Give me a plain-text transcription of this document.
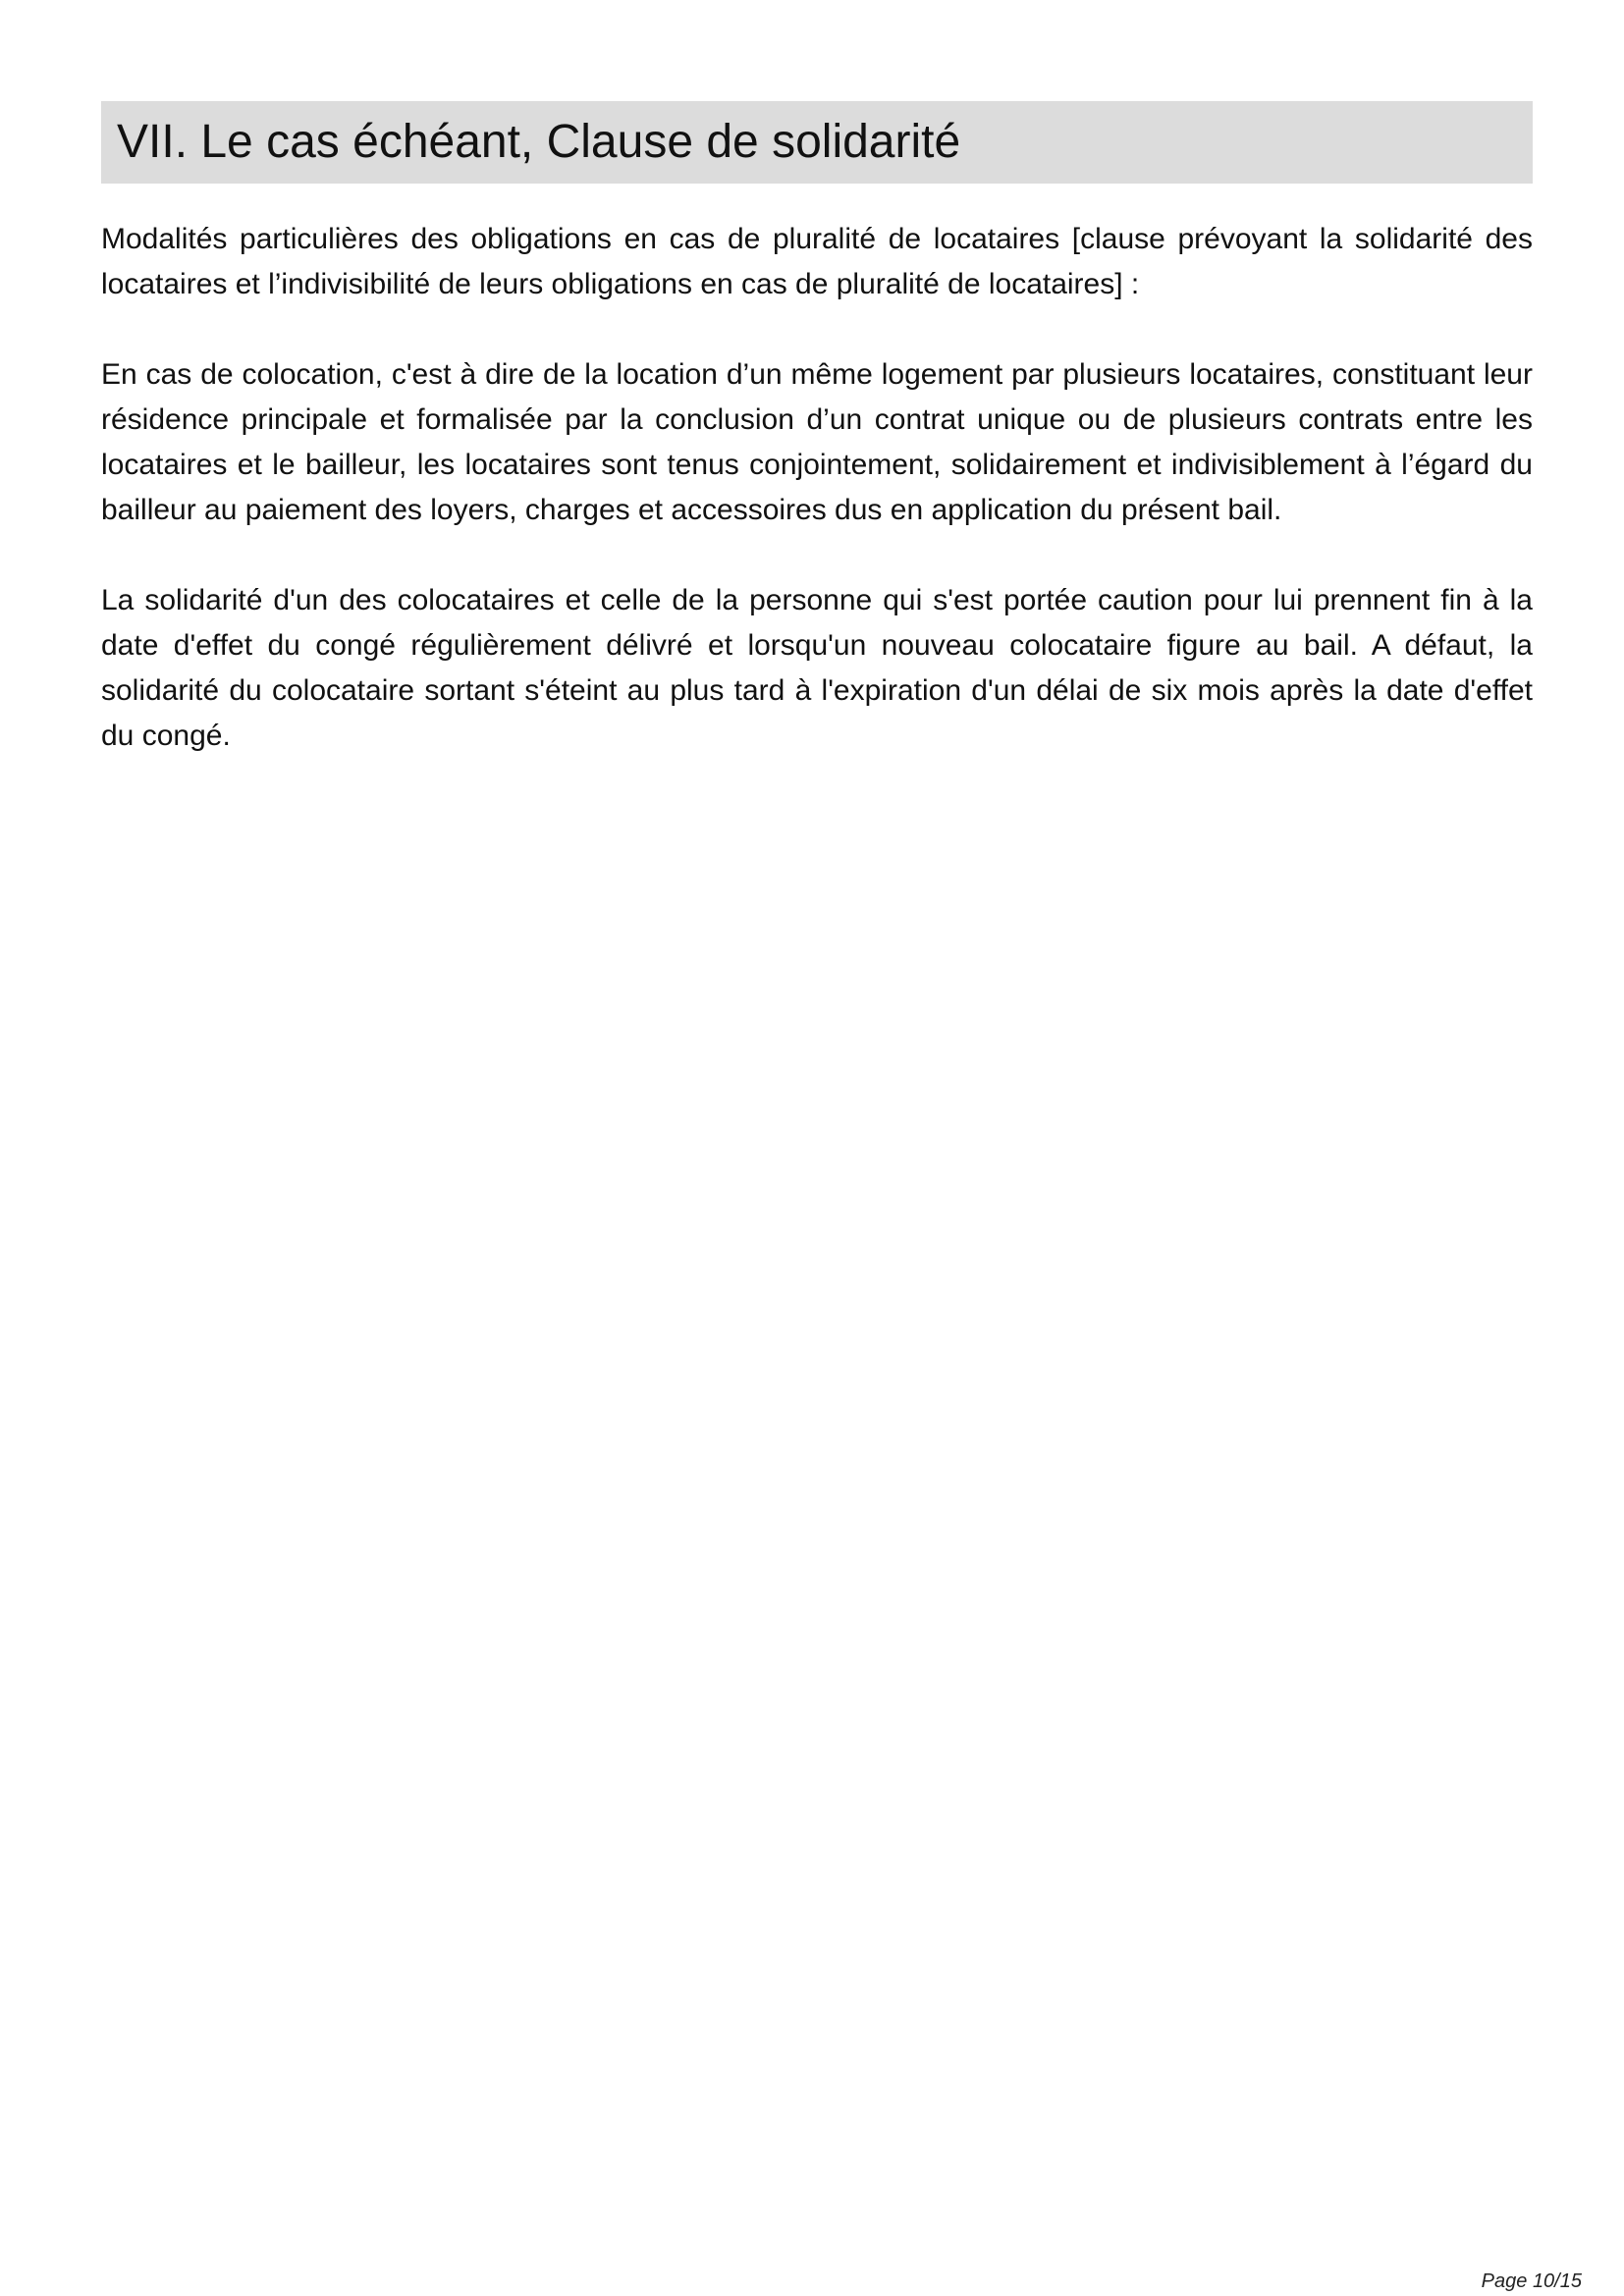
VII. Le cas échéant, Clause de solidarité

Modalités particulières des obligations en cas de pluralité de locataires [clause prévoyant la solidarité des locataires et l’indivisibilité de leurs obligations en cas de pluralité de locataires] :

En cas de colocation, c'est à dire de la location d’un même logement par plusieurs locataires, constituant leur résidence principale et formalisée par la conclusion d’un contrat unique ou de plusieurs contrats entre les locataires et le bailleur, les locataires sont tenus conjointement, solidairement et indivisiblement à l’égard du bailleur au paiement des loyers, charges et accessoires dus en application du présent bail.

La solidarité d'un des colocataires et celle de la personne qui s'est portée caution pour lui prennent fin à la date d'effet du congé régulièrement délivré et lorsqu'un nouveau colocataire figure au bail. A défaut, la solidarité du colocataire sortant s'éteint au plus tard à l'expiration d'un délai de six mois après la date d'effet du congé.

Page 10/15
